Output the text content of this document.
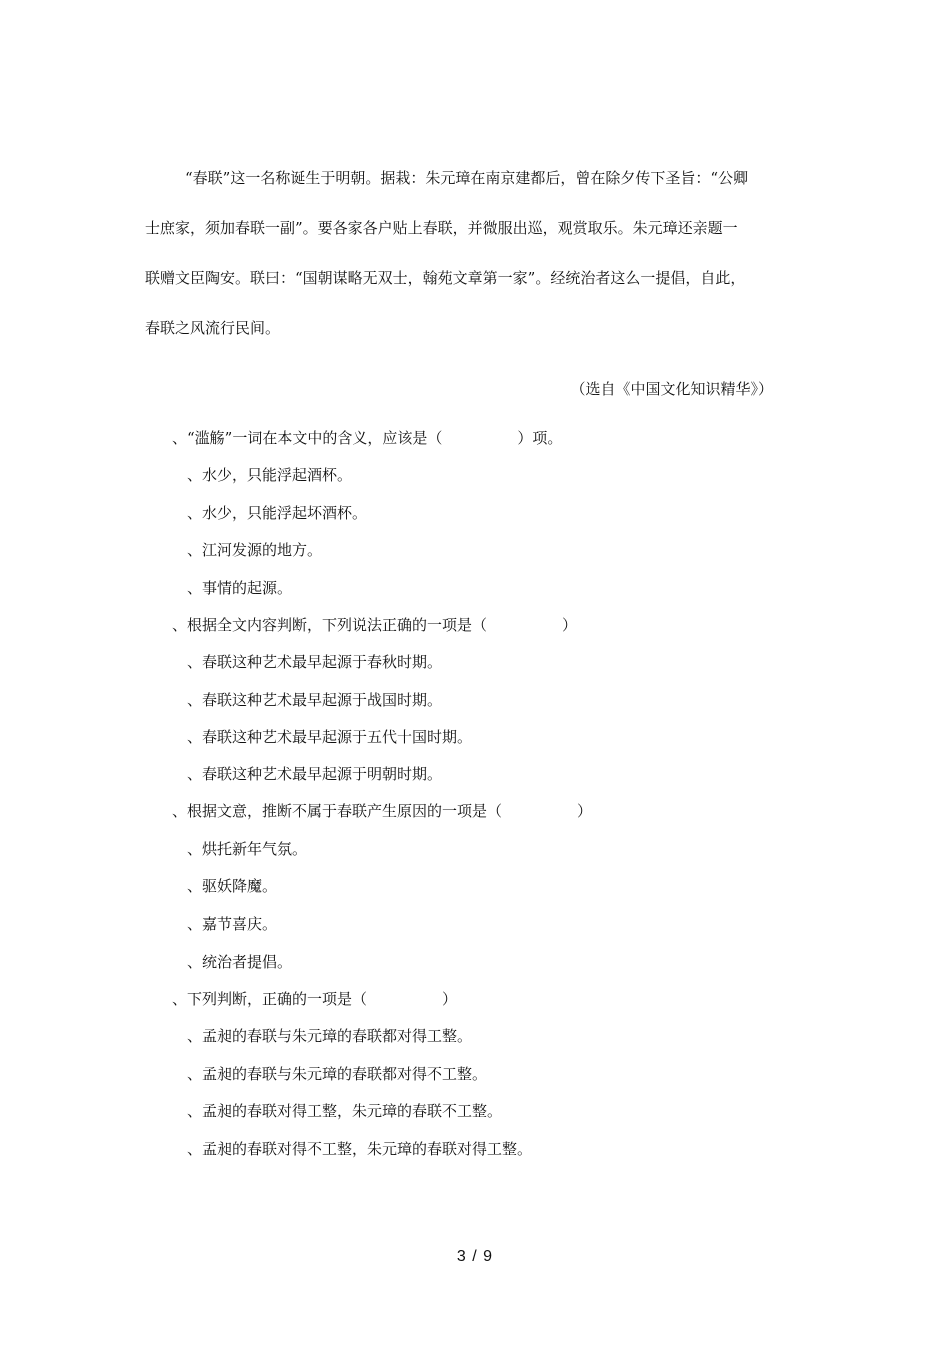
“春联”这一名称诞生于明朝。据栽：朱元璋在南京建都后，曾在除夕传下圣旨：“公卿
士庶家，须加春联一副”。要各家各户贴上春联，并微服出巡，观赏取乐。朱元璋还亲题一
联赠文臣陶安。联曰：“国朝谋略无双士，翰苑文章第一家”。经统治者这么一提倡，自此，
春联之风流行民间。
（选自《中国文化知识精华》）
、“滥觞”一词在本文中的含义，应该是（　　　　　）项。
、水少，只能浮起酒杯。
、水少，只能浮起坏酒杯。
、江河发源的地方。
、事情的起源。
、根据全文内容判断，下列说法正确的一项是（　　　　　）
、春联这种艺术最早起源于春秋时期。
、春联这种艺术最早起源于战国时期。
、春联这种艺术最早起源于五代十国时期。
、春联这种艺术最早起源于明朝时期。
、根据文意，推断不属于春联产生原因的一项是（　　　　　）
、烘托新年气氛。
、驱妖降魔。
、嘉节喜庆。
、统治者提倡。
、下列判断，正确的一项是（　　　　　）
、孟昶的春联与朱元璋的春联都对得工整。
、孟昶的春联与朱元璋的春联都对得不工整。
、孟昶的春联对得工整，朱元璋的春联不工整。
、孟昶的春联对得不工整，朱元璋的春联对得工整。
3 / 9
